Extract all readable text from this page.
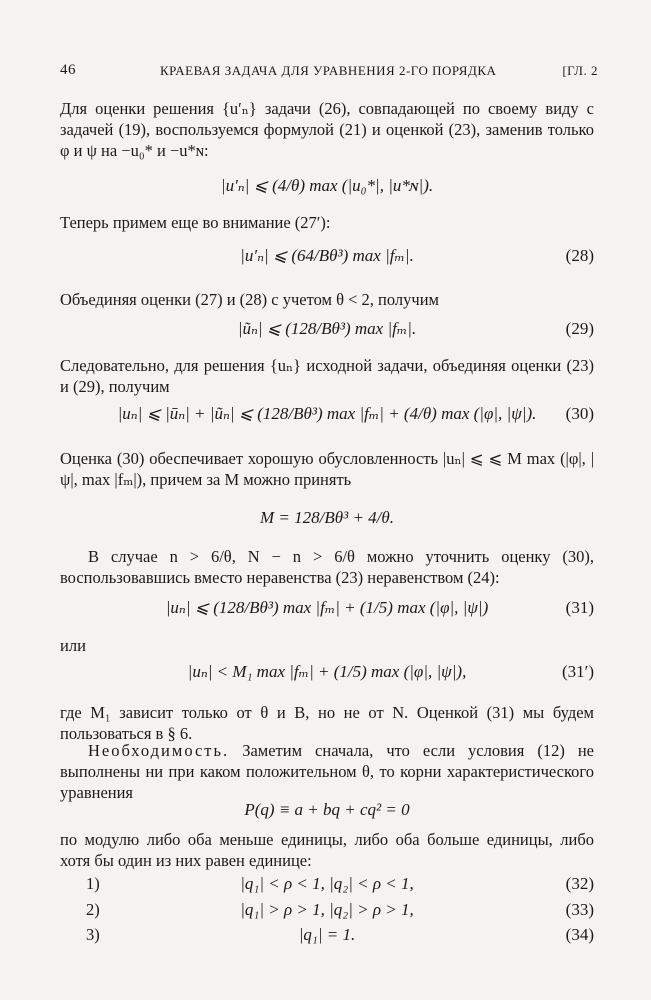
46	КРАЕВАЯ ЗАДАЧА ДЛЯ УРАВНЕНИЯ 2-ГО ПОРЯДКА	[ГЛ. 2
Для оценки решения {u′ₙ} задачи (26), совпадающей по своему виду с задачей (19), воспользуемся формулой (21) и оценкой (23), заменив только φ и ψ на −u₀* и −u*ɴ:
|u′ₙ| ⩽ (4/θ) max (|u₀*|, |u*ɴ|).
Теперь примем еще во внимание (27′):
|u′ₙ| ⩽ (64/Bθ³) max |fₘ|.	(28)
Объединяя оценки (27) и (28) с учетом θ < 2, получим
|ũₙ| ⩽ (128/Bθ³) max |fₘ|.	(29)
Следовательно, для решения {uₙ} исходной задачи, объединяя оценки (23) и (29), получим
|uₙ| ⩽ |ūₙ| + |ũₙ| ⩽ (128/Bθ³) max |fₘ| + (4/θ) max (|φ|, |ψ|). (30)
Оценка (30) обеспечивает хорошую обусловленность |uₙ| ⩽ ⩽ M max (|φ|, |ψ|, max |fₘ|), причем за M можно принять
M = 128/Bθ³ + 4/θ.
В случае n > 6/θ, N − n > 6/θ можно уточнить оценку (30), воспользовавшись вместо неравенства (23) неравенством (24):
|uₙ| ⩽ (128/Bθ³) max |fₘ| + (1/5) max (|φ|, |ψ|)	(31)
или
|uₙ| < M₁ max |fₘ| + (1/5) max (|φ|, |ψ|),	(31′)
где M₁ зависит только от θ и B, но не от N. Оценкой (31) мы будем пользоваться в § 6.
Необходимость. Заметим сначала, что если условия (12) не выполнены ни при каком положительном θ, то корни характеристического уравнения
P(q) ≡ a + bq + cq² = 0
по модулю либо оба меньше единицы, либо оба больше единицы, либо хотя бы один из них равен единице:
1)	|q₁| < ρ < 1, |q₂| < ρ < 1,	(32)
2)	|q₁| > ρ > 1, |q₂| > ρ > 1,	(33)
3)	|q₁| = 1.	(34)
